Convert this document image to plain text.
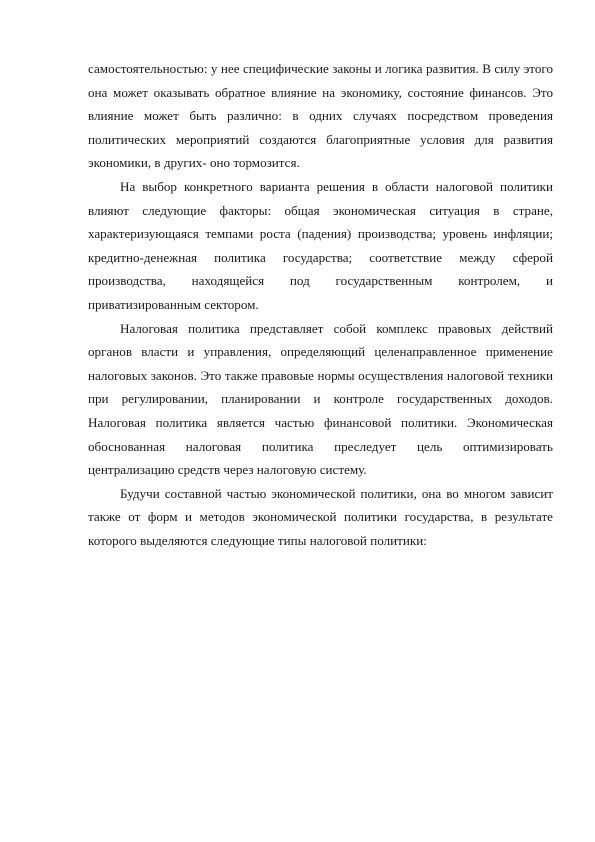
самостоятельностью: у нее специфические законы и логика развития. В силу этого она может оказывать обратное влияние на экономику, состояние финансов. Это влияние может быть различно: в одних случаях посредством проведения политических мероприятий создаются благоприятные условия для развития экономики, в других- оно тормозится.

На выбор конкретного варианта решения в области налоговой политики влияют следующие факторы: общая экономическая ситуация в стране, характеризующаяся темпами роста (падения) производства; уровень инфляции; кредитно-денежная политика государства; соответствие между сферой производства, находящейся под государственным контролем, и приватизированным сектором.

Налоговая политика представляет собой комплекс правовых действий органов власти и управления, определяющий целенаправленное применение налоговых законов. Это также правовые нормы осуществления налоговой техники при регулировании, планировании и контроле государственных доходов. Налоговая политика является частью финансовой политики. Экономическая обоснованная налоговая политика преследует цель оптимизировать централизацию средств через налоговую систему.

Будучи составной частью экономической политики, она во многом зависит также от форм и методов экономической политики государства, в результате которого выделяются следующие типы налоговой политики:
